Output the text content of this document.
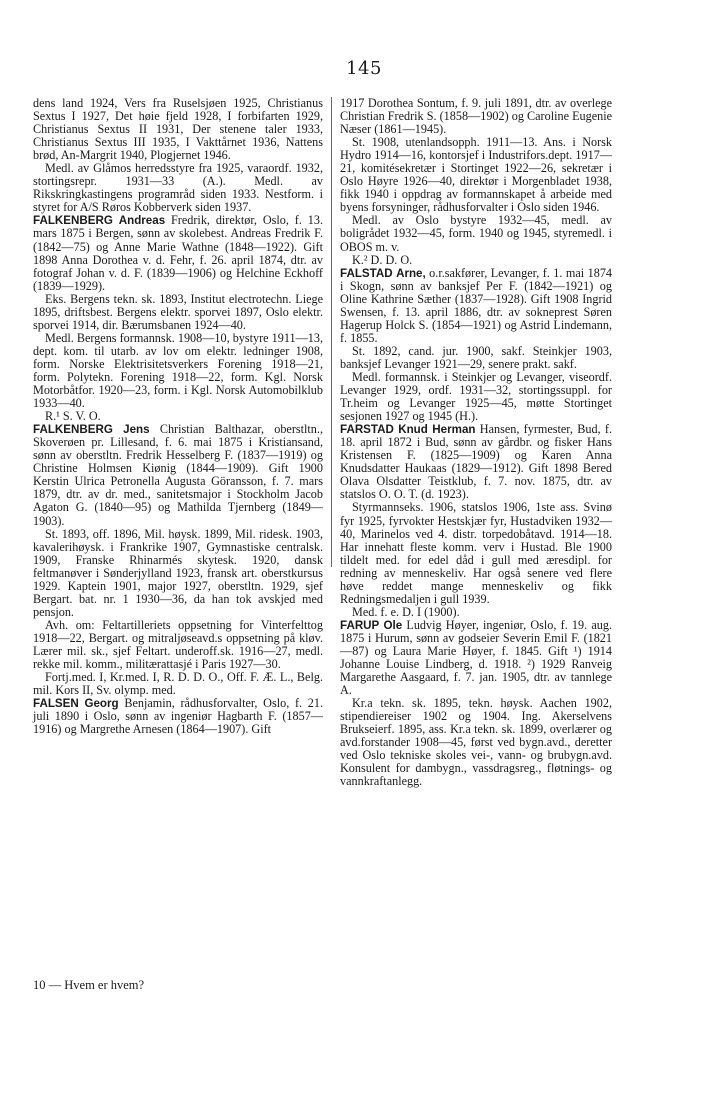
145
dens land 1924, Vers fra Ruselsjøen 1925, Christianus Sextus I 1927, Det høie fjeld 1928, I forbifarten 1929, Christianus Sextus II 1931, Der stenene taler 1933, Christianus Sextus III 1935, I Vakttårnet 1936, Nattens brød, An-Margrit 1940, Plogjernet 1946.
Medl. av Glåmos herredsstyre fra 1925, varaordf. 1932, stortingsrepr. 1931—33 (A.). Medl. av Rikskringkastingens programråd siden 1933. Nestform. i styret for A/S Røros Kobberverk siden 1937.
FALKENBERG Andreas Fredrik, direktør, Oslo, f. 13. mars 1875 i Bergen, sønn av skolebest. Andreas Fredrik F. (1842—75) og Anne Marie Wathne (1848—1922). Gift 1898 Anna Dorothea v. d. Fehr, f. 26. april 1874, dtr. av fotograf Johan v. d. F. (1839—1906) og Helchine Eckhoff (1839—1929).
Eks. Bergens tekn. sk. 1893, Institut electrotechn. Liege 1895, driftsbest. Bergens elektr. sporvei 1897, Oslo elektr. sporvei 1914, dir. Bærumsbanen 1924—40.
Medl. Bergens formannsk. 1908—10, bystyre 1911—13, dept. kom. til utarb. av lov om elektr. ledninger 1908, form. Norske Elektrisitetsverkers Forening 1918—21, form. Polytekn. Forening 1918—22, form. Kgl. Norsk Motorbåtfor. 1920—23, form. i Kgl. Norsk Automobilklub 1933—40.
R.¹ S. V. O.
FALKENBERG Jens Christian Balthazar, oberstltn., Skoverøen pr. Lillesand, f. 6. mai 1875 i Kristiansand, sønn av oberstltn. Fredrik Hesselberg F. (1837—1919) og Christine Holmsen Kiønig (1844—1909). Gift 1900 Kerstin Ulrica Petronella Augusta Göransson, f. 7. mars 1879, dtr. av dr. med., sanitetsmajor i Stockholm Jacob Agaton G. (1840—95) og Mathilda Tjernberg (1849—1903).
St. 1893, off. 1896, Mil. høysk. 1899, Mil. ridesk. 1903, kavalerihøysk. i Frankrike 1907, Gymnastiske centralsk. 1909, Franske Rhinarmés skytesk. 1920, dansk feltmanøver i Sønderjylland 1923, fransk art. oberstkursus 1929. Kaptein 1901, major 1927, oberstltn. 1929, sjef Bergart. bat. nr. 1 1930—36, da han tok avskjed med pensjon.
Avh. om: Feltartilleriets oppsetning for Vinterfelttog 1918—22, Bergart. og mitraljøseavd.s oppsetning på kløv. Lærer mil. sk., sjef Feltart. underoff.sk. 1916—27, medl. rekke mil. komm., militærattasjé i Paris 1927—30.
Fortj.med. I, Kr.med. I, R. D. D. O., Off. F. Æ. L., Belg. mil. Kors II, Sv. olymp. med.
FALSEN Georg Benjamin, rådhusforvalter, Oslo, f. 21. juli 1890 i Oslo, sønn av ingeniør Hagbarth F. (1857—1916) og Margrethe Arnesen (1864—1907). Gift
1917 Dorothea Sontum, f. 9. juli 1891, dtr. av overlege Christian Fredrik S. (1858—1902) og Caroline Eugenie Næser (1861—1945).
St. 1908, utenlandsopph. 1911—13. Ans. i Norsk Hydro 1914—16, kontorsjef i Industrifors.dept. 1917—21, komitésekretær i Stortinget 1922—26, sekretær i Oslo Høyre 1926—40, direktør i Morgenbladet 1938, fikk 1940 i oppdrag av formannskapet å arbeide med byens forsyninger, rådhusforvalter i Oslo siden 1946.
Medl. av Oslo bystyre 1932—45, medl. av boligrådet 1932—45, form. 1940 og 1945, styremedl. i OBOS m. v.
K.² D. D. O.
FALSTAD Arne, o.r.sakfører, Levanger, f. 1. mai 1874 i Skogn, sønn av banksjef Per F. (1842—1921) og Oline Kathrine Sæther (1837—1928). Gift 1908 Ingrid Swensen, f. 13. april 1886, dtr. av sokneprest Søren Hagerup Holck S. (1854—1921) og Astrid Lindemann, f. 1855.
St. 1892, cand. jur. 1900, sakf. Steinkjer 1903, banksjef Levanger 1921—29, senere prakt. sakf.
Medl. formannsk. i Steinkjer og Levanger, viseordf. Levanger 1929, ordf. 1931—32, stortingssuppl. for Tr.heim og Levanger 1925—45, møtte Stortinget sesjonen 1927 og 1945 (H.).
FARSTAD Knud Herman Hansen, fyrmester, Bud, f. 18. april 1872 i Bud, sønn av gårdbr. og fisker Hans Kristensen F. (1825—1909) og Karen Anna Knudsdatter Haukaas (1829—1912). Gift 1898 Bered Olava Olsdatter Teistklub, f. 7. nov. 1875, dtr. av statslos O. O. T. (d. 1923).
Styrmannseks. 1906, statslos 1906, 1ste ass. Svinø fyr 1925, fyrvokter Hestskjær fyr, Hustadviken 1932—40, Marinelos ved 4. distr. torpedobåtavd. 1914—18. Har innehatt fleste komm. verv i Hustad. Ble 1900 tildelt med. for edel dåd i gull med æresdipl. for redning av menneskeliv. Har også senere ved flere høve reddet mange menneskeliv og fikk Redningsmedaljen i gull 1939.
Med. f. e. D. I (1900).
FARUP Ole Ludvig Høyer, ingeniør, Oslo, f. 19. aug. 1875 i Hurum, sønn av godseier Severin Emil F. (1821—87) og Laura Marie Høyer, f. 1845. Gift ¹) 1914 Johanne Louise Lindberg, d. 1918. ²) 1929 Ranveig Margarethe Aasgaard, f. 7. jan. 1905, dtr. av tannlege A.
Kr.a tekn. sk. 1895, tekn. høysk. Aachen 1902, stipendiereiser 1902 og 1904. Ing. Akerselvens Brukseierf. 1895, ass. Kr.a tekn. sk. 1899, overlærer og avd.forstander 1908—45, først ved bygn.avd., deretter ved Oslo tekniske skoles vei-, vann- og brubygn.avd. Konsulent for dambygn., vassdragsreg., fløtnings- og vannkraftanlegg.
10 — Hvem er hvem?
